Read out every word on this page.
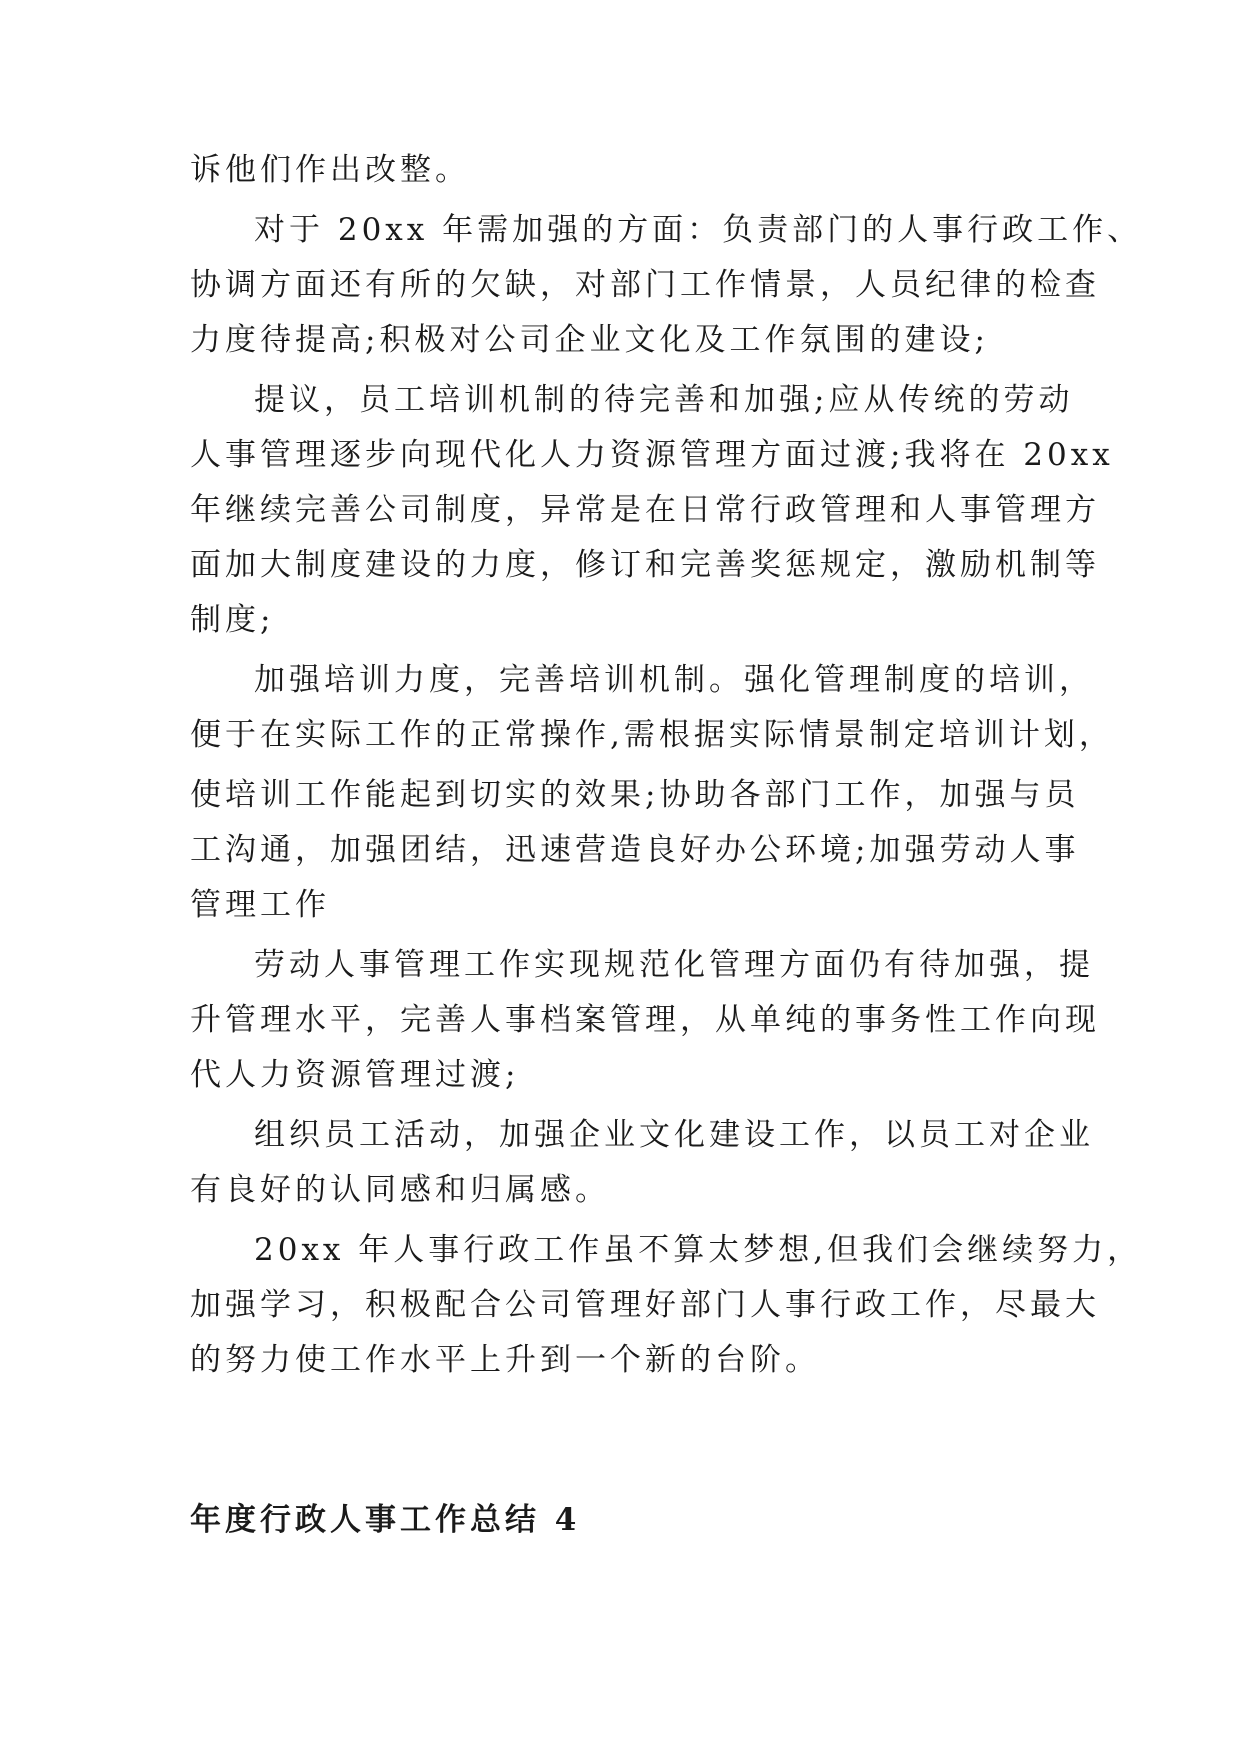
诉他们作出改整。

对于 20xx 年需加强的方面：负责部门的人事行政工作、

协调方面还有所的欠缺，对部门工作情景，人员纪律的检查

力度待提高;积极对公司企业文化及工作氛围的建设;

提议，员工培训机制的待完善和加强;应从传统的劳动

人事管理逐步向现代化人力资源管理方面过渡;我将在 20xx

年继续完善公司制度，异常是在日常行政管理和人事管理方

面加大制度建设的力度，修订和完善奖惩规定，激励机制等

制度;

加强培训力度，完善培训机制。强化管理制度的培训，

便于在实际工作的正常操作,需根据实际情景制定培训计划，

使培训工作能起到切实的效果;协助各部门工作，加强与员

工沟通，加强团结，迅速营造良好办公环境;加强劳动人事

管理工作

劳动人事管理工作实现规范化管理方面仍有待加强，提

升管理水平，完善人事档案管理，从单纯的事务性工作向现

代人力资源管理过渡;

组织员工活动，加强企业文化建设工作，以员工对企业

有良好的认同感和归属感。

20xx 年人事行政工作虽不算太梦想,但我们会继续努力，

加强学习，积极配合公司管理好部门人事行政工作，尽最大

的努力使工作水平上升到一个新的台阶。

年度行政人事工作总结 4
